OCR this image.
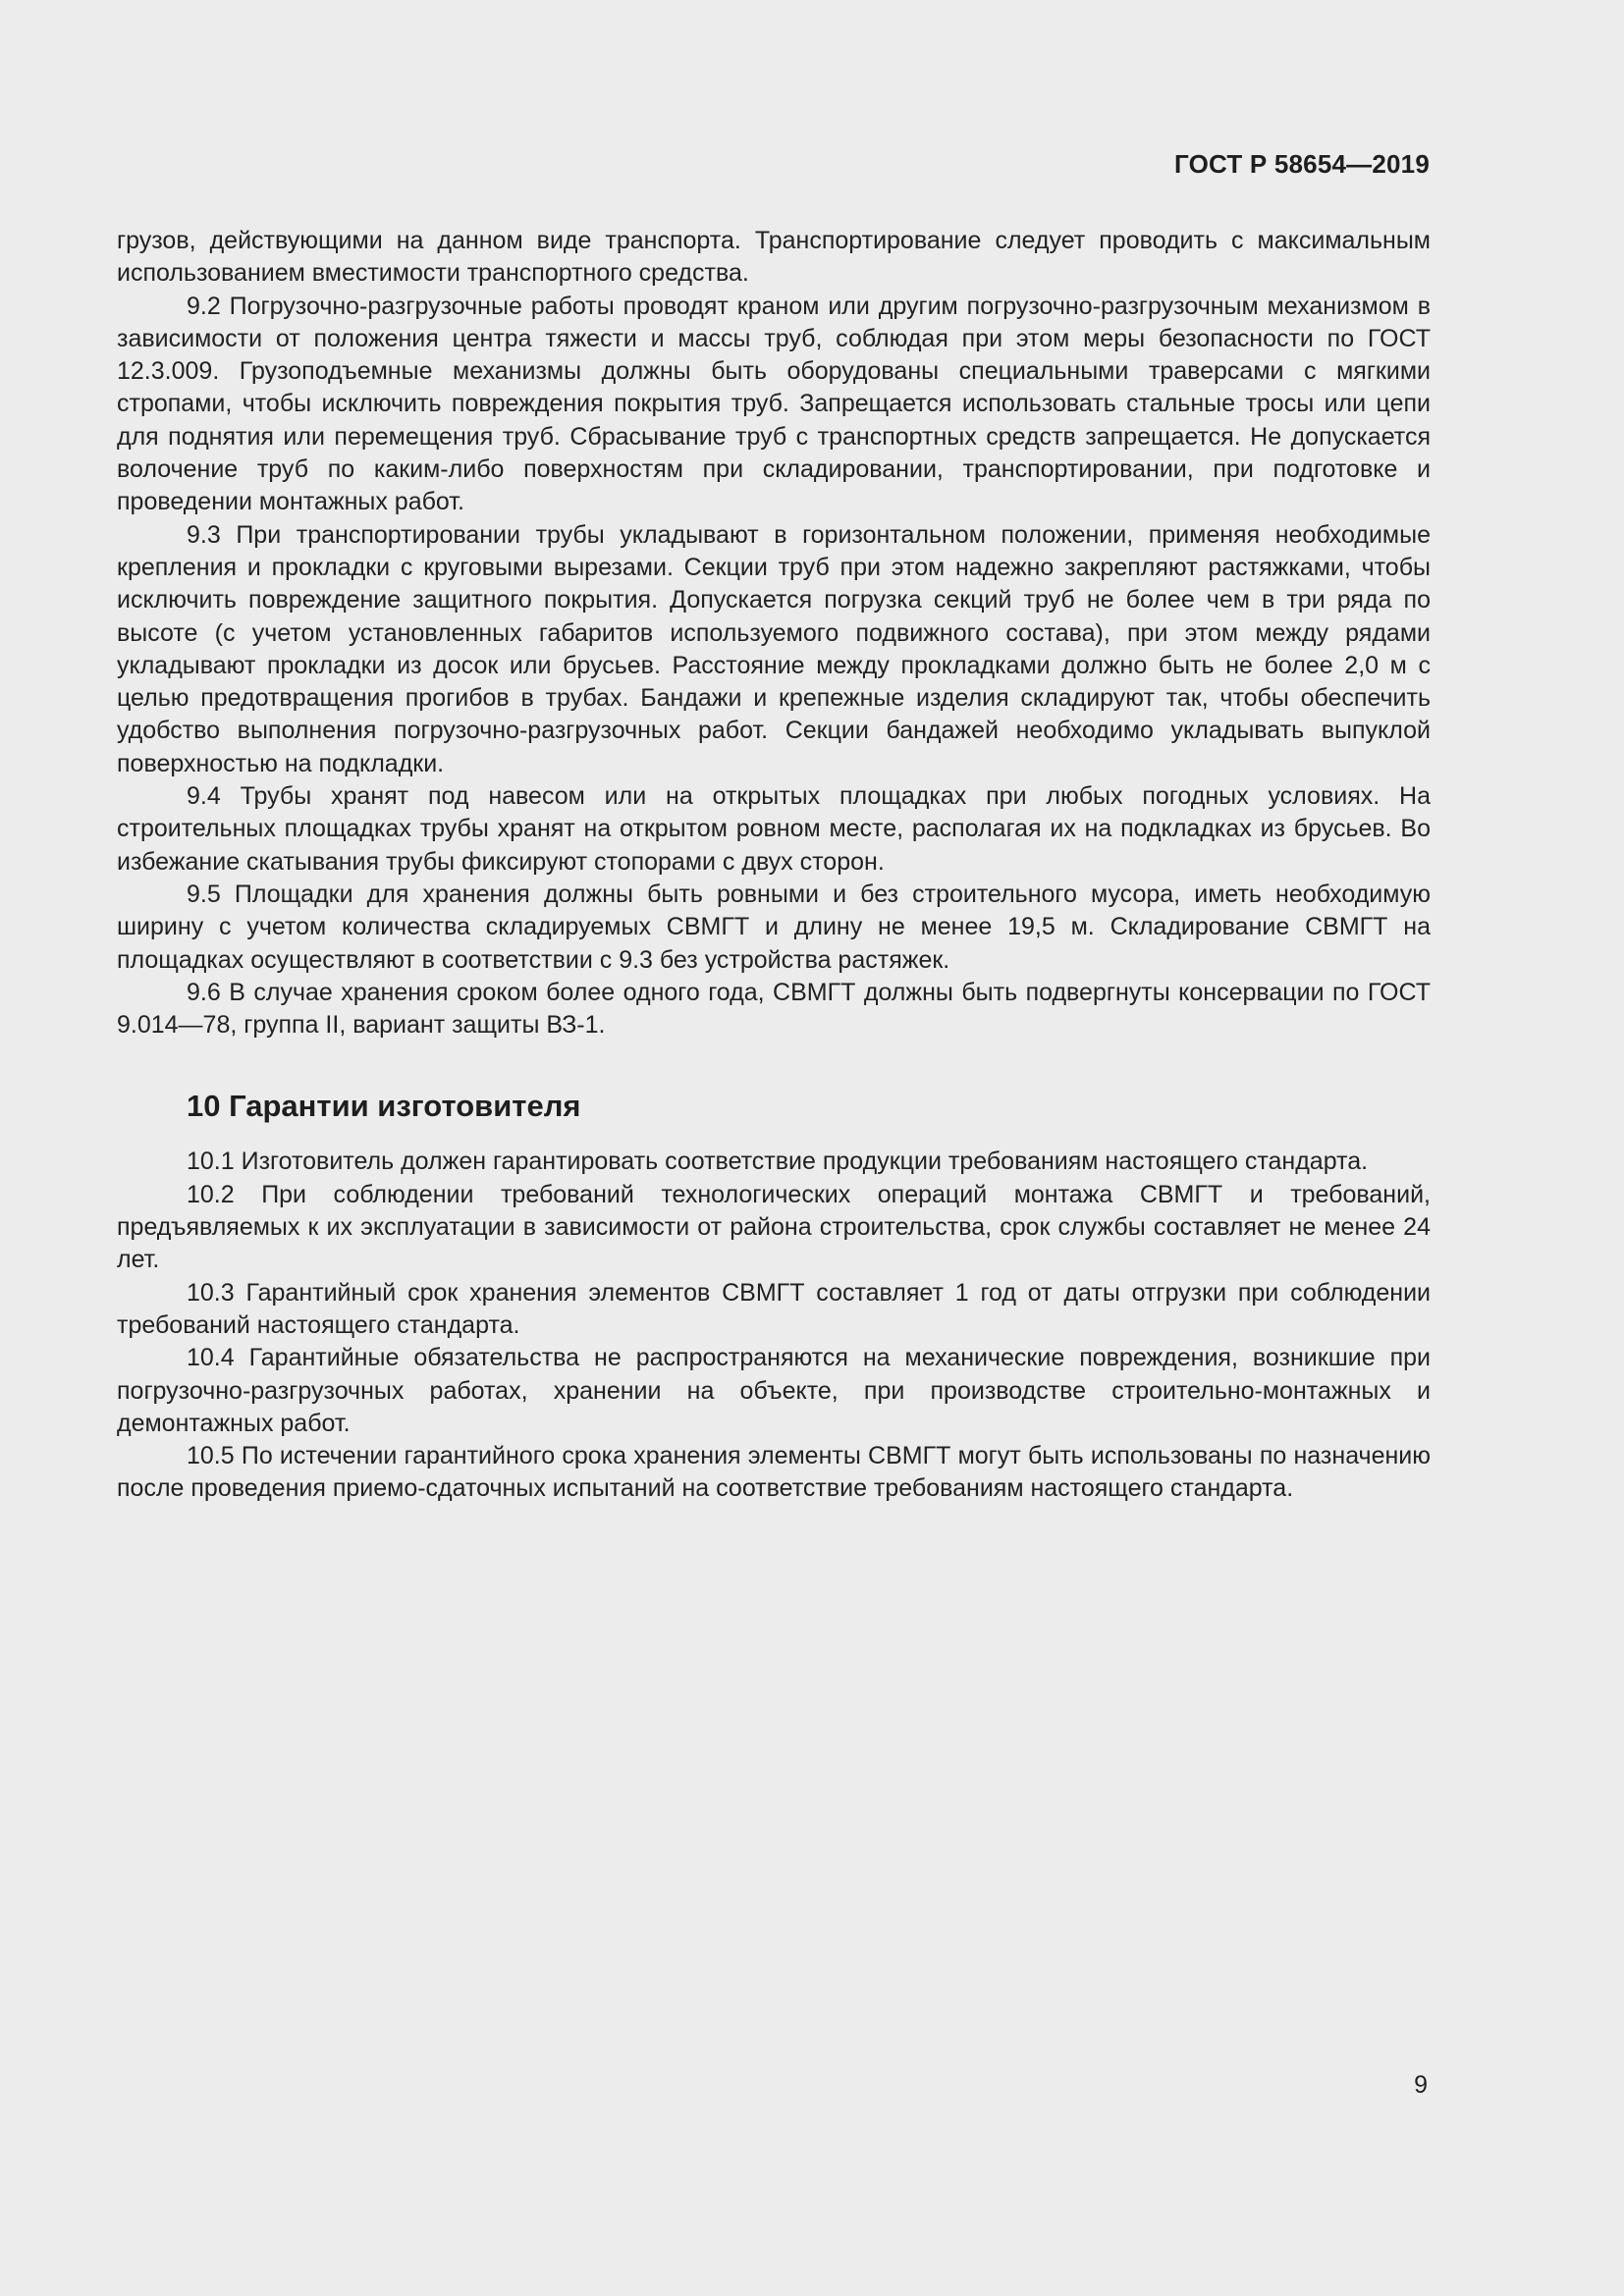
ГОСТ Р 58654—2019

грузов, действующими на данном виде транспорта. Транспортирование следует проводить с максимальным использованием вместимости транспортного средства.

9.2 Погрузочно-разгрузочные работы проводят краном или другим погрузочно-разгрузочным механизмом в зависимости от положения центра тяжести и массы труб, соблюдая при этом меры безопасности по ГОСТ 12.3.009. Грузоподъемные механизмы должны быть оборудованы специальными траверсами с мягкими стропами, чтобы исключить повреждения покрытия труб. Запрещается использовать стальные тросы или цепи для поднятия или перемещения труб. Сбрасывание труб с транспортных средств запрещается. Не допускается волочение труб по каким-либо поверхностям при складировании, транспортировании, при подготовке и проведении монтажных работ.

9.3 При транспортировании трубы укладывают в горизонтальном положении, применяя необходимые крепления и прокладки с круговыми вырезами. Секции труб при этом надежно закрепляют растяжками, чтобы исключить повреждение защитного покрытия. Допускается погрузка секций труб не более чем в три ряда по высоте (с учетом установленных габаритов используемого подвижного состава), при этом между рядами укладывают прокладки из досок или брусьев. Расстояние между прокладками должно быть не более 2,0 м с целью предотвращения прогибов в трубах. Бандажи и крепежные изделия складируют так, чтобы обеспечить удобство выполнения погрузочно-разгрузочных работ. Секции бандажей необходимо укладывать выпуклой поверхностью на подкладки.

9.4 Трубы хранят под навесом или на открытых площадках при любых погодных условиях. На строительных площадках трубы хранят на открытом ровном месте, располагая их на подкладках из брусьев. Во избежание скатывания трубы фиксируют стопорами с двух сторон.

9.5 Площадки для хранения должны быть ровными и без строительного мусора, иметь необходимую ширину с учетом количества складируемых СВМГТ и длину не менее 19,5 м. Складирование СВМГТ на площадках осуществляют в соответствии с 9.3 без устройства растяжек.

9.6 В случае хранения сроком более одного года, СВМГТ должны быть подвергнуты консервации по ГОСТ 9.014—78, группа II, вариант защиты ВЗ-1.

10 Гарантии изготовителя

10.1 Изготовитель должен гарантировать соответствие продукции требованиям настоящего стандарта.

10.2 При соблюдении требований технологических операций монтажа СВМГТ и требований, предъявляемых к их эксплуатации в зависимости от района строительства, срок службы составляет не менее 24 лет.

10.3 Гарантийный срок хранения элементов СВМГТ составляет 1 год от даты отгрузки при соблюдении требований настоящего стандарта.

10.4 Гарантийные обязательства не распространяются на механические повреждения, возникшие при погрузочно-разгрузочных работах, хранении на объекте, при производстве строительно-монтажных и демонтажных работ.

10.5 По истечении гарантийного срока хранения элементы СВМГТ могут быть использованы по назначению после проведения приемо-сдаточных испытаний на соответствие требованиям настоящего стандарта.

9
